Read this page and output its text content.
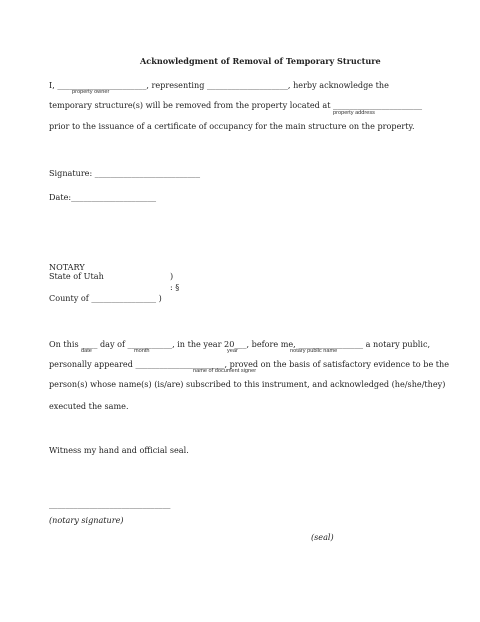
Acknowledgment of Removal of Temporary Structure
I, ______________________, representing ____________________, herby acknowledge the
property owner
temporary structure(s) will be removed from the property located at ______________________
property address
prior to the issuance of a certificate of occupancy for the main structure on the property.
Signature: __________________________
Date:_____________________
NOTARY
State of Utah	)
: §
County of ________________ )
On this ____ day of ___________, in the year 20___, before me, ________________ a notary public,
date	month	year	notary public name
personally appeared ______________________, proved on the basis of satisfactory evidence to be the
name of document signer
person(s) whose name(s) (is/are) subscribed to this instrument, and acknowledged (he/she/they)
executed the same.
Witness my hand and official seal.
______________________________
(notary signature)
(seal)
